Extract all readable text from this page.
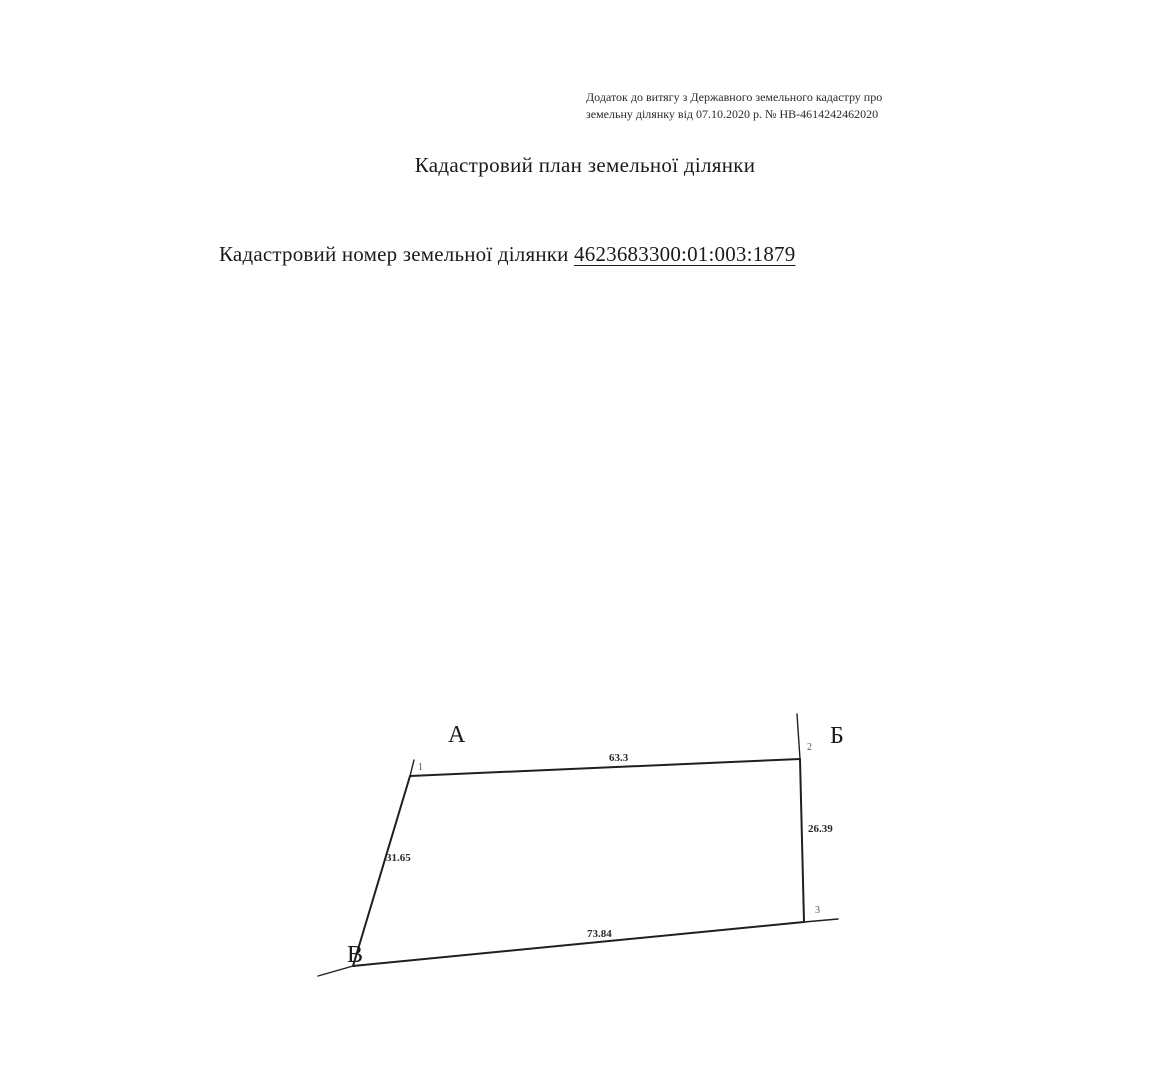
Додаток до витягу з Державного земельного кадастру про
земельну ділянку від 07.10.2020 р. № НВ-4614242462020
Кадастровий план земельної ділянки
Кадастровий номер земельної ділянки 4623683300:01:003:1879
А	Б
В
1
2
3
63.3
26.39
73.84
31.65
